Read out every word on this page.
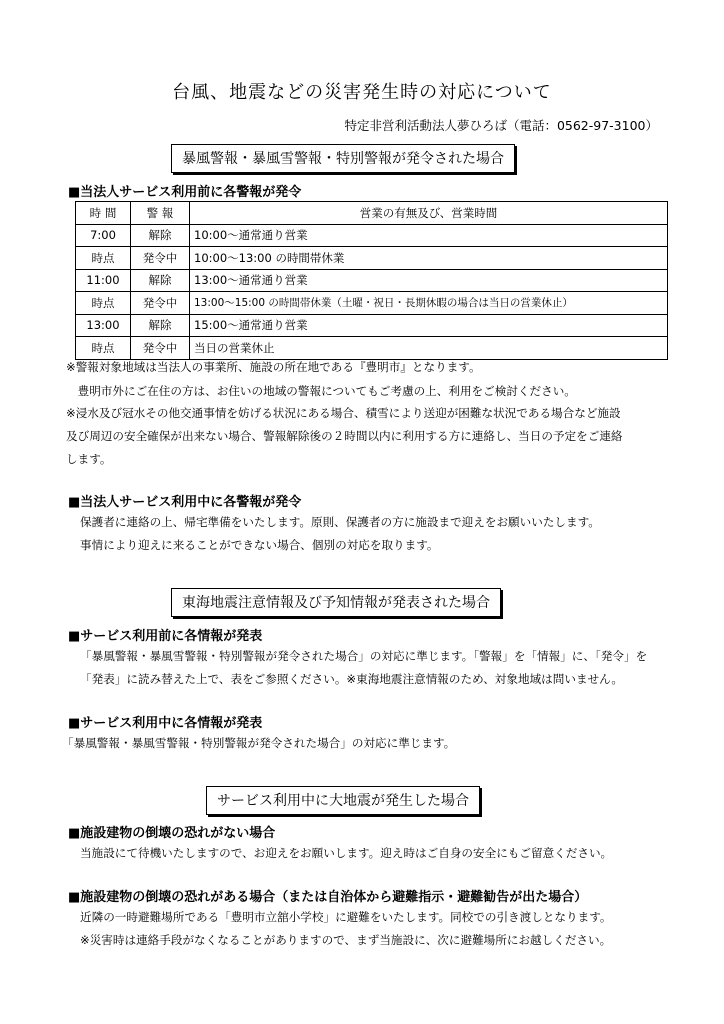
台風、地震などの災害発生時の対応について
特定非営利活動法人夢ひろば（電話：0562-97-3100）
暴風警報・暴風雪警報・特別警報が発令された場合
■当法人サービス利用前に各警報が発令
時 間	警 報	営業の有無及び、営業時間
7:00	解除	10:00～通常通り営業
時点	発令中	10:00～13:00 の時間帯休業
11:00	解除	13:00～通常通り営業
時点	発令中	13:00～15:00 の時間帯休業（土曜・祝日・長期休暇の場合は当日の営業休止）
13:00	解除	15:00～通常通り営業
時点	発令中	当日の営業休止
※警報対象地域は当法人の事業所、施設の所在地である『豊明市』となります。
　豊明市外にご在住の方は、お住いの地域の警報についてもご考慮の上、利用をご検討ください。
※浸水及び冠水その他交通事情を妨げる状況にある場合、積雪により送迎が困難な状況である場合など施設
及び周辺の安全確保が出来ない場合、警報解除後の２時間以内に利用する方に連絡し、当日の予定をご連絡
します。
■当法人サービス利用中に各警報が発令
保護者に連絡の上、帰宅準備をいたします。原則、保護者の方に施設まで迎えをお願いいたします。
事情により迎えに来ることができない場合、個別の対応を取ります。
東海地震注意情報及び予知情報が発表された場合
■サービス利用前に各情報が発表
「暴風警報・暴風雪警報・特別警報が発令された場合」の対応に準じます。「警報」を「情報」に、「発令」を
「発表」に読み替えた上で、表をご参照ください。※東海地震注意情報のため、対象地域は問いません。
■サービス利用中に各情報が発表
「暴風警報・暴風雪警報・特別警報が発令された場合」の対応に準じます。
サービス利用中に大地震が発生した場合
■施設建物の倒壊の恐れがない場合
当施設にて待機いたしますので、お迎えをお願いします。迎え時はご自身の安全にもご留意ください。
■施設建物の倒壊の恐れがある場合（または自治体から避難指示・避難勧告が出た場合）
近隣の一時避難場所である「豊明市立舘小学校」に避難をいたします。同校での引き渡しとなります。
※災害時は連絡手段がなくなることがありますので、まず当施設に、次に避難場所にお越しください。
